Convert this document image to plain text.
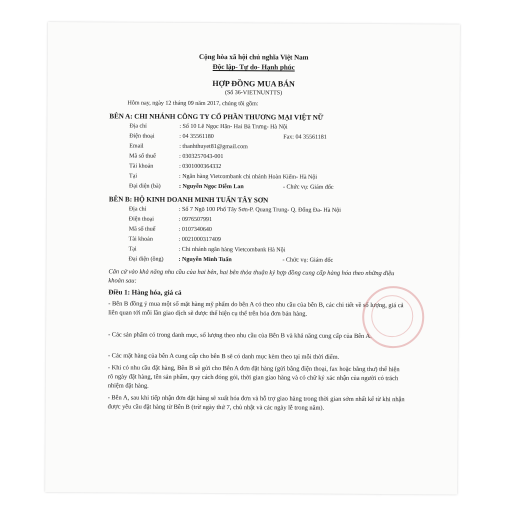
Cộng hòa xã hội chủ nghĩa Việt Nam
Độc lập- Tự do- Hạnh phúc
HỢP ĐỒNG MUA BÁN
(Số 36-VIETNUNTTS)
Hôm nay, ngày 12 tháng 09 năm 2017, chúng tôi gồm:
BÊN A: CHI NHÁNH CÔNG TY CỔ PHẦN THƯƠNG MẠI VIỆT NỮ
Địa chỉ	: Số 10 Lê Ngọc Hân- Hai Bà Trưng- Hà Nội
Điện thoại	: 04 35561180	Fax: 04 35561181
Email	: thanhthuyet81@gmail.com
Mã số thuế	: 0303257043-001
Tài khoản	: 0301000364332
Tại	: Ngân hàng Vietcombank chi nhánh Hoàn Kiếm- Hà Nội
Đại diện (bà)	: Nguyễn Ngọc Diễm Lan	- Chức vụ: Giám đốc
BÊN B: HỘ KINH DOANH MINH TUẤN TÂY SƠN
Địa chỉ	: Số 7 Ngõ 100 Phố Tây Sơn-P. Quang Trung- Q. Đống Đa- Hà Nội
Điện thoại	: 0976507991
Mã số thuế	: 0107340640
Tài khoản	: 0021000317409
Tại	: Chi nhánh ngân hàng Vietcombank Hà Nội
Đại diện (ông) : Nguyễn Minh Tuấn	- Chức vụ: Giám đốc
Căn cứ vào khả năng nhu cầu của hai bên, hai bên thỏa thuận ký hợp đồng cung cấp hàng hóa theo những điều khoản sau:
Điều 1: Hàng hóa, giá cả
- Bên B đồng ý mua một số mặt hàng mỹ phẩm do bên A có theo nhu cầu của bên B, các chi tiết về số lượng, giá cả liên quan tới mỗi lần giao dịch sẽ được thể hiện cụ thể trên hóa đơn bán hàng.
- Các sản phẩm có trong danh mục, số lượng theo nhu cầu của Bên B và khả năng cung cấp của Bên A.
- Các mặt hàng của bên A cung cấp cho bên B sẽ có danh mục kèm theo tại mỗi thời điểm.
- Khi có nhu cầu đặt hàng, Bên B sẽ gửi cho Bên A đơn đặt hàng (gửi bằng điện thoại, fax hoặc bằng thư) thể hiện rõ ngày đặt hàng, tên sản phẩm, quy cách đóng gói, thời gian giao hàng và có chữ ký xác nhận của người có trách nhiệm đặt hàng.
- Bên A, sau khi tiếp nhận đơn đặt hàng sẽ xuất hóa đơn và hỗ trợ giao hàng trong thời gian sớm nhất kể từ khi nhận được yêu cầu đặt hàng từ Bên B (trừ ngày thứ 7, chủ nhật và các ngày lễ trong năm).
